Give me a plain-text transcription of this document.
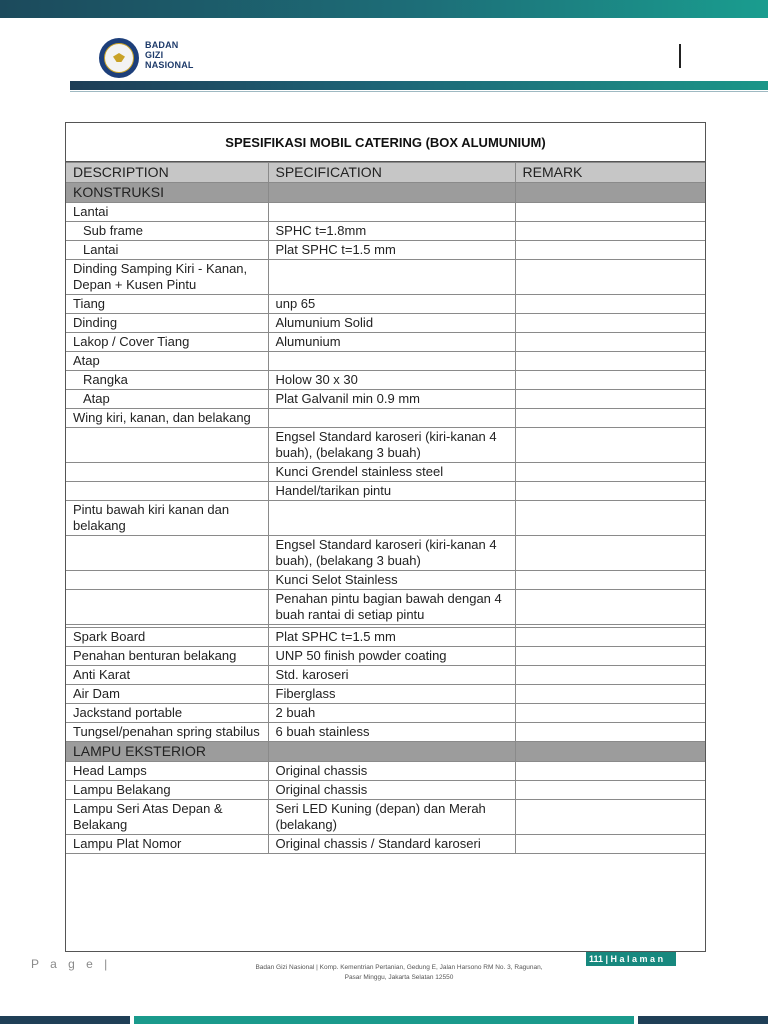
BADAN
GIZI
NASIONAL
SPESIFIKASI MOBIL CATERING (BOX ALUMUNIUM)
DESCRIPTION	SPECIFICATION	REMARK
KONSTRUKSI		
Lantai		
Sub frame	SPHC t=1.8mm	
Lantai	Plat SPHC t=1.5 mm	
Dinding Samping Kiri - Kanan, Depan + Kusen Pintu		
Tiang	unp 65	
Dinding	Alumunium Solid	
Lakop / Cover Tiang	Alumunium	
Atap		
Rangka	Holow 30 x 30	
Atap	Plat Galvanil min 0.9 mm	
Wing kiri, kanan, dan belakang		
	Engsel Standard karoseri (kiri-kanan 4 buah), (belakang 3 buah)	
	Kunci Grendel stainless steel	
	Handel/tarikan pintu	
Pintu bawah kiri kanan dan belakang		
	Engsel Standard karoseri (kiri-kanan 4 buah), (belakang 3 buah)	
	Kunci Selot Stainless	
	Penahan pintu bagian bawah dengan 4 buah rantai di setiap pintu	

Spark Board	Plat SPHC t=1.5 mm	
Penahan benturan belakang	UNP 50 finish powder coating	
Anti Karat	Std. karoseri	
Air Dam	Fiberglass	
Jackstand portable	2 buah	
Tungsel/penahan spring stabilus	6 buah stainless	
LAMPU EKSTERIOR		
Head Lamps	Original chassis	
Lampu Belakang	Original chassis	
Lampu Seri Atas Depan & Belakang	Seri LED Kuning (depan) dan Merah (belakang)	
Lampu Plat Nomor	Original chassis / Standard karoseri	
P a g e |	Badan Gizi Nasional | Komp. Kementrian Pertanian, Gedung E, Jalan Harsono RM No. 3, Ragunan,
Pasar Minggu, Jakarta Selatan 12550
111 | H a l a m a n
